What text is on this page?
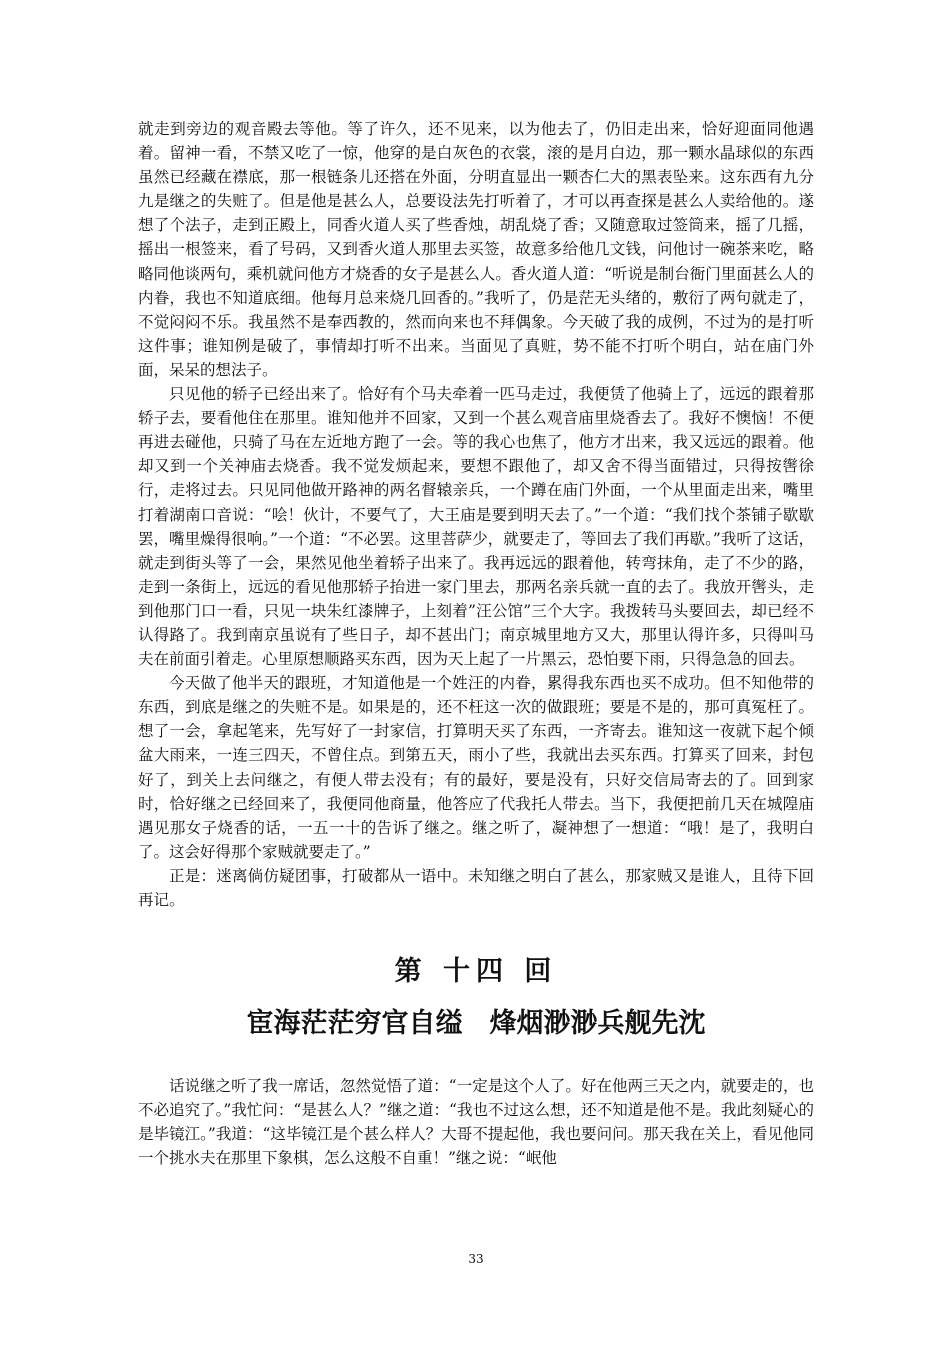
就走到旁边的观音殿去等他。等了许久，还不见来，以为他去了，仍旧走出来，恰好迎面同他遇着。留神一看，不禁又吃了一惊，他穿的是白灰色的衣裳，滚的是月白边，那一颗水晶球似的东西虽然已经藏在襟底，那一根链条儿还搭在外面，分明直显出一颗杏仁大的黑表坠来。这东西有九分九是继之的失赃了。但是他是甚么人，总要设法先打听着了，才可以再查探是甚么人卖给他的。遂想了个法子，走到正殿上，同香火道人买了些香烛，胡乱烧了香；又随意取过签筒来，摇了几摇，摇出一根签来，看了号码，又到香火道人那里去买签，故意多给他几文钱，问他讨一碗茶来吃，略略同他谈两句，乘机就问他方才烧香的女子是甚么人。香火道人道：“听说是制台衙门里面甚么人的内眷，我也不知道底细。他每月总来烧几回香的。”我听了，仍是茫无头绪的，敷衍了两句就走了，不觉闷闷不乐。我虽然不是奉西教的，然而向来也不拜偶象。今天破了我的成例，不过为的是打听这件事；谁知例是破了，事情却打听不出来。当面见了真赃，势不能不打听个明白，站在庙门外面，呆呆的想法子。

只见他的轿子已经出来了。恰好有个马夫牵着一匹马走过，我便赁了他骑上了，远远的跟着那轿子去，要看他住在那里。谁知他并不回家，又到一个甚么观音庙里烧香去了。我好不懊恼！不便再进去碰他，只骑了马在左近地方跑了一会。等的我心也焦了，他方才出来，我又远远的跟着。他却又到一个关神庙去烧香。我不觉发烦起来，要想不跟他了，却又舍不得当面错过，只得按辔徐行，走将过去。只见同他做开路神的两名督辕亲兵，一个蹲在庙门外面，一个从里面走出来，嘴里打着湖南口音说：“哙！伙计，不要气了，大王庙是要到明天去了。”一个道：“我们找个茶铺子歇歇罢，嘴里燥得很响。”一个道：“不必罢。这里菩萨少，就要走了，等回去了我们再歇。”我听了这话，就走到街头等了一会，果然见他坐着轿子出来了。我再远远的跟着他，转弯抹角，走了不少的路，走到一条街上，远远的看见他那轿子抬进一家门里去，那两名亲兵就一直的去了。我放开辔头，走到他那门口一看，只见一块朱红漆牌子，上刻着”汪公馆”三个大字。我拨转马头要回去，却已经不认得路了。我到南京虽说有了些日子，却不甚出门；南京城里地方又大，那里认得许多，只得叫马夫在前面引着走。心里原想顺路买东西，因为天上起了一片黑云，恐怕要下雨，只得急急的回去。

今天做了他半天的跟班，才知道他是一个姓汪的内眷，累得我东西也买不成功。但不知他带的东西，到底是继之的失赃不是。如果是的，还不枉这一次的做跟班；要是不是的，那可真冤枉了。想了一会，拿起笔来，先写好了一封家信，打算明天买了东西，一齐寄去。谁知这一夜就下起个倾盆大雨来，一连三四天，不曾住点。到第五天，雨小了些，我就出去买东西。打算买了回来，封包好了，到关上去问继之，有便人带去没有；有的最好，要是没有，只好交信局寄去的了。回到家时，恰好继之已经回来了，我便同他商量，他答应了代我托人带去。当下，我便把前几天在城隍庙遇见那女子烧香的话，一五一十的告诉了继之。继之听了，凝神想了一想道：“哦！是了，我明白了。这会好得那个家贼就要走了。”

正是：迷离倘仿疑团事，打破都从一语中。未知继之明白了甚么，那家贼又是谁人，且待下回再记。

第 十四 回
宦海茫茫穷官自缢　烽烟渺渺兵舰先沈

话说继之听了我一席话，忽然觉悟了道：“一定是这个人了。好在他两三天之内，就要走的，也不必追究了。”我忙问：“是甚么人？”继之道：“我也不过这么想，还不知道是他不是。我此刻疑心的是毕镜江。”我道：“这毕镜江是个甚么样人？大哥不提起他，我也要问问。那天我在关上，看见他同一个挑水夫在那里下象棋，怎么这般不自重！”继之说：“岷他

33
